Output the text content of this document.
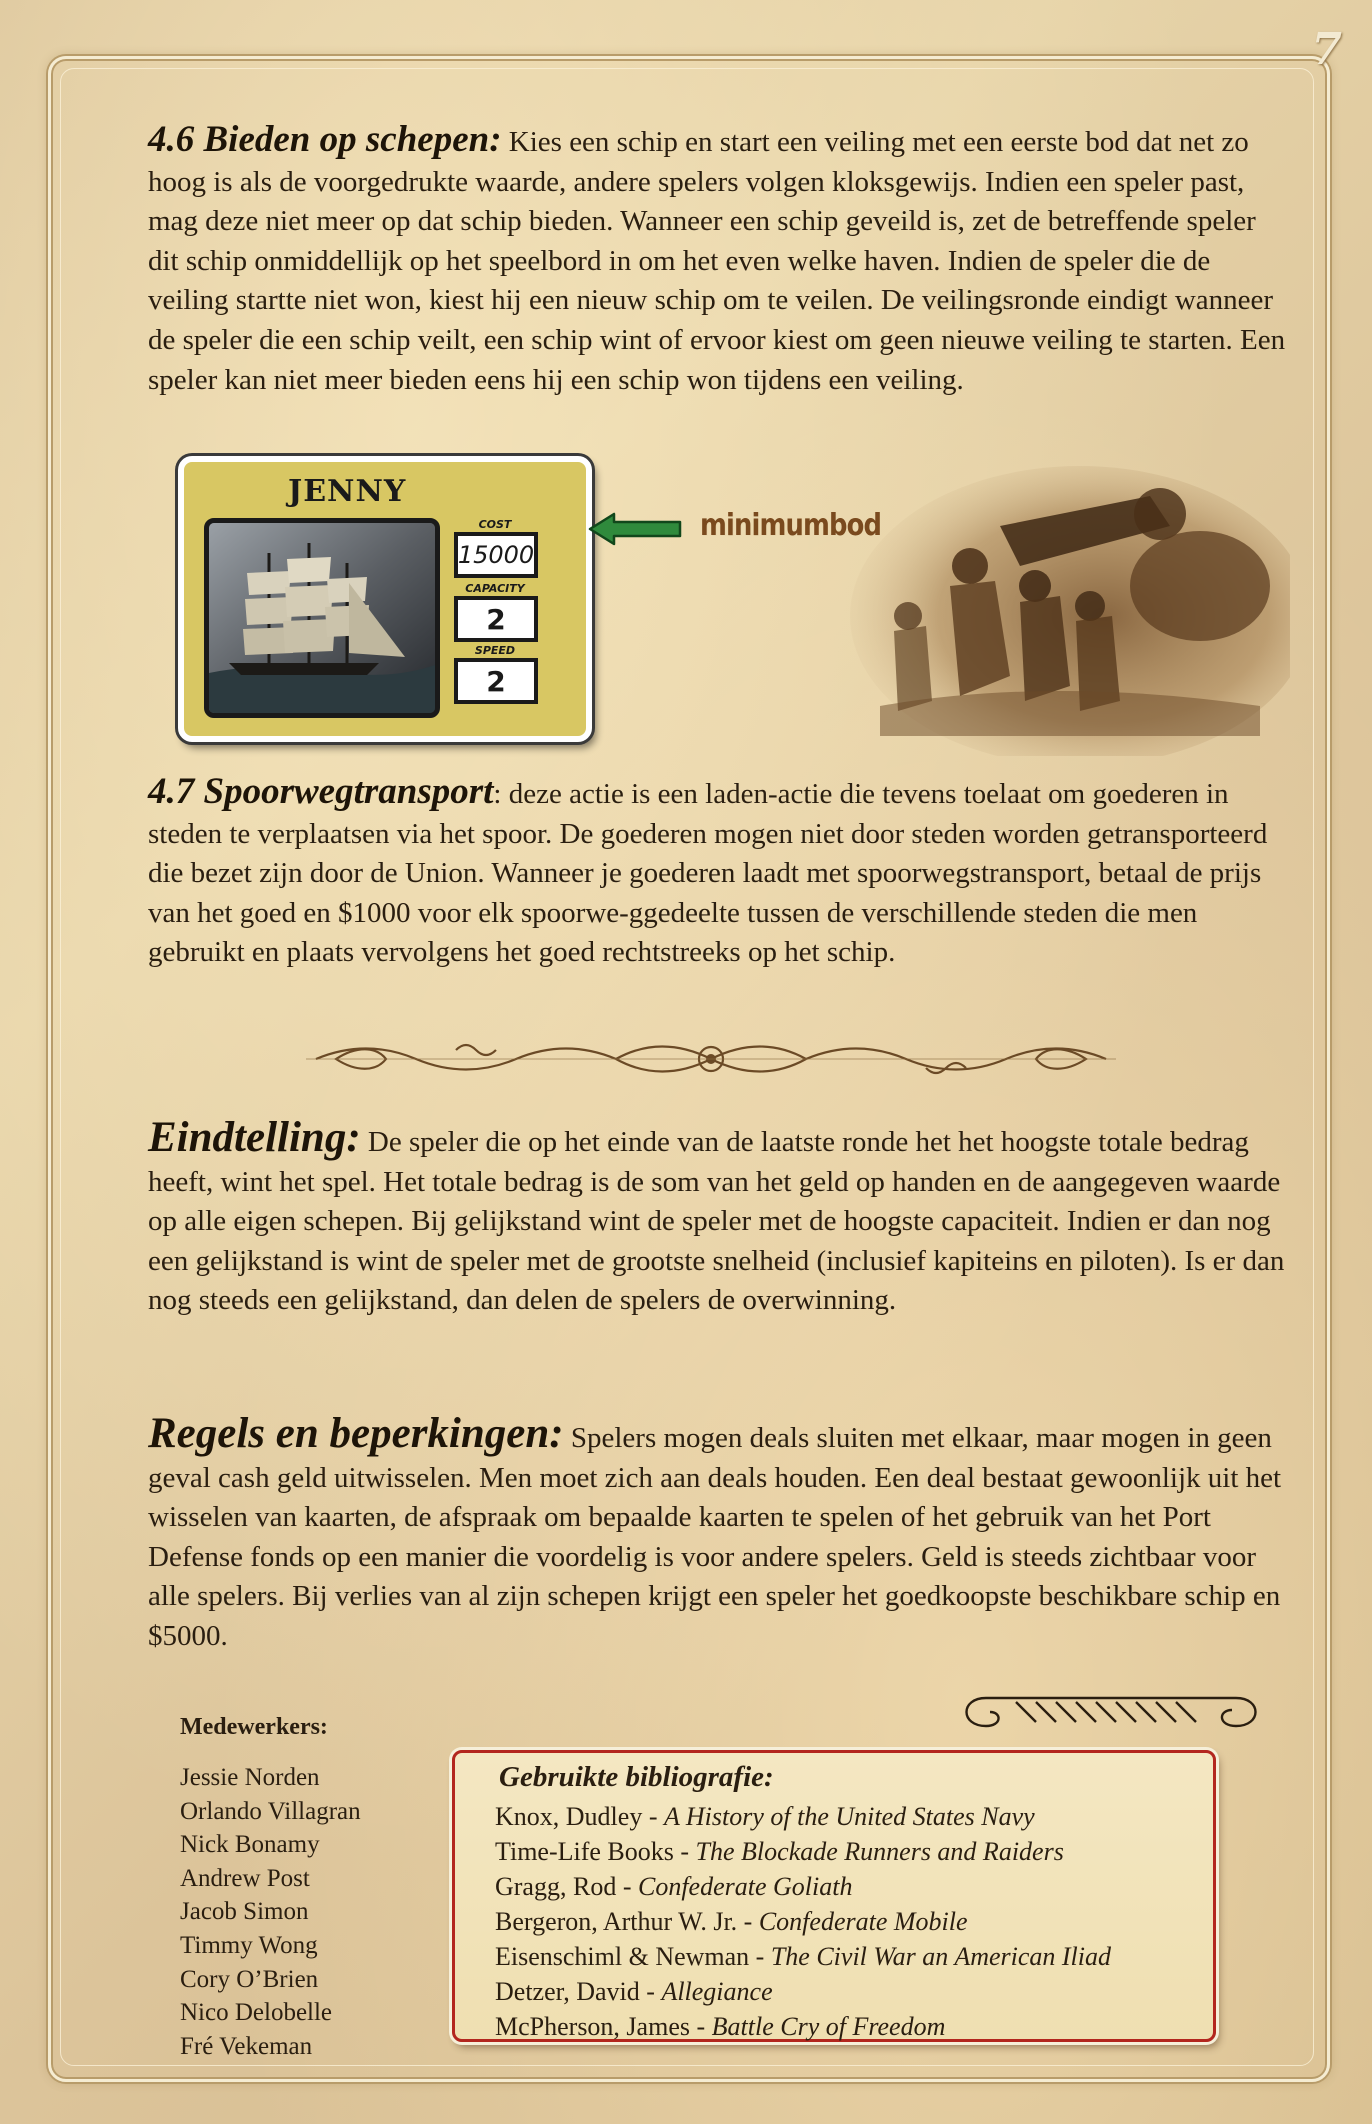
7

4.6 Bieden op schepen: Kies een schip en start een veiling met een eerste bod dat net zo hoog is als de voorgedrukte waarde, andere spelers volgen kloksgewijs. Indien een speler past, mag deze niet meer op dat schip bieden. Wanneer een schip geveild is, zet de betreffende speler dit schip onmiddellijk op het speelbord in om het even welke haven. Indien de speler die de veiling startte niet won, kiest hij een nieuw schip om te veilen. De veilingsronde eindigt wanneer de speler die een schip veilt, een schip wint of ervoor kiest om geen nieuwe veiling te starten. Een speler kan niet meer bieden eens hij een schip won tijdens een veiling.

JENNY
COST
15000
CAPACITY
2
SPEED
2
minimumbod

4.7 Spoorwegtransport: deze actie is een laden-actie die tevens toelaat om goederen in steden te verplaatsen via het spoor. De goederen mogen niet door steden worden getransporteerd die bezet zijn door de Union. Wanneer je goederen laadt met spoorwegstransport, betaal de prijs van het goed en $1000 voor elk spoorwe-ggedeelte tussen de verschillende steden die men gebruikt en plaats vervolgens het goed rechtstreeks op het schip.

Eindtelling: De speler die op het einde van de laatste ronde het het hoogste totale bedrag heeft, wint het spel. Het totale bedrag is de som van het geld op handen en de aangegeven waarde op alle eigen schepen. Bij gelijkstand wint de speler met de hoogste capaciteit. Indien er dan nog een gelijkstand is wint de speler met de grootste snelheid (inclusief kapiteins en piloten). Is er dan nog steeds een gelijkstand, dan delen de spelers de overwinning.

Regels en beperkingen: Spelers mogen deals sluiten met elkaar, maar mogen in geen geval cash geld uitwisselen. Men moet zich aan deals houden. Een deal bestaat gewoonlijk uit het wisselen van kaarten, de afspraak om bepaalde kaarten te spelen of het gebruik van het Port Defense fonds op een manier die voordelig is voor andere spelers. Geld is steeds zichtbaar voor alle spelers. Bij verlies van al zijn schepen krijgt een speler het goedkoopste beschikbare schip en $5000.

Medewerkers:

Jessie Norden
Orlando Villagran
Nick Bonamy
Andrew Post
Jacob Simon
Timmy Wong
Cory O’Brien
Nico Delobelle
Fré Vekeman
Gebruikte bibliografie:
Knox, Dudley - A History of the United States Navy
Time-Life Books - The Blockade Runners and Raiders
Gragg, Rod - Confederate Goliath
Bergeron, Arthur W. Jr. - Confederate Mobile
Eisenschiml & Newman - The Civil War an American Iliad
Detzer, David - Allegiance
McPherson, James - Battle Cry of Freedom
